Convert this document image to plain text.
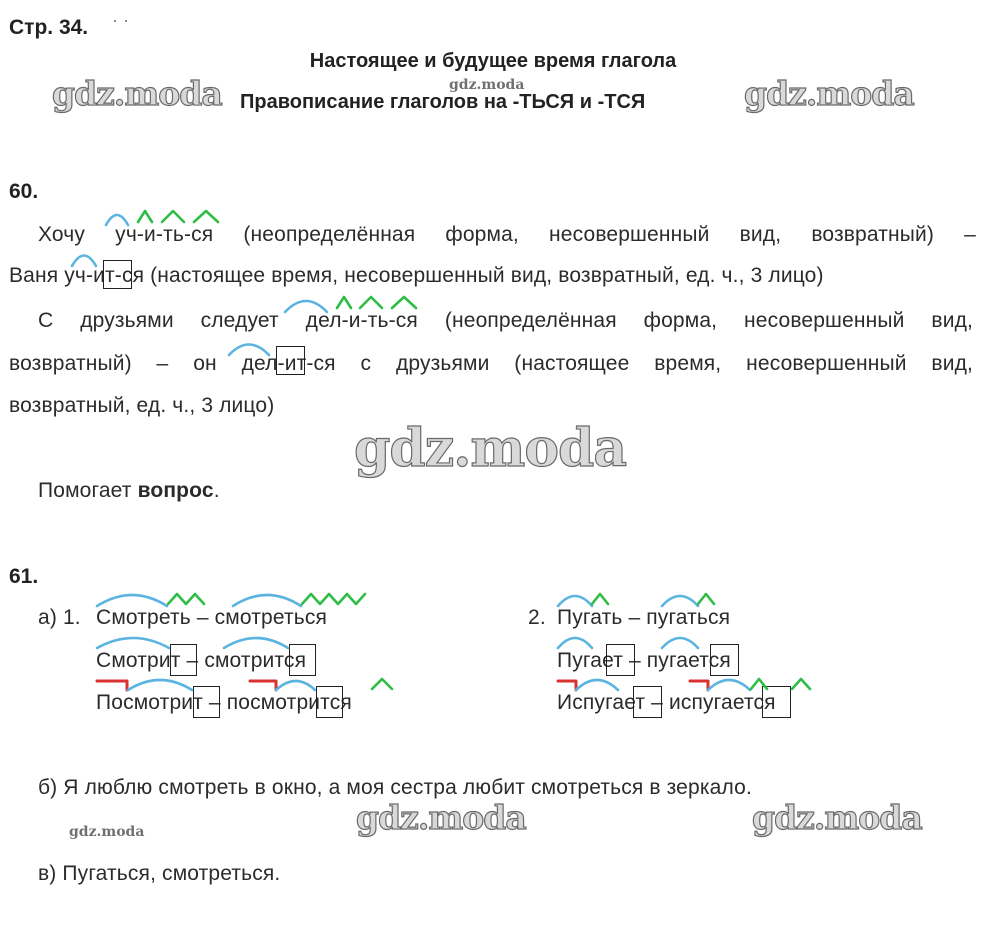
Стр. 34. · ·
Настоящее и будущее время глагола
Правописание глаголов на -ТЬСЯ и -ТСЯ
gdz.moda	gdz.moda
gdz.moda
gdz.moda
gdz.moda	gdz.moda
gdz.moda
60.
Хочу уч-и-ть-ся (неопределённая форма, несовершенный вид, возвратный) –
Ваня уч-ит-ся (настоящее время, несовершенный вид, возвратный, ед. ч., 3 лицо)
С друзьями следует дел-и-ть-ся (неопределённая форма, несовершенный вид,
возвратный) – он дел-ит-ся с друзьями (настоящее время, несовершенный вид,
возвратный, ед. ч., 3 лицо)
Помогает вопрос.
61.
а) 1. Смотреть – смотреться
Смотрит – смотрится
Посмотрит – посмотрится
2. Пугать – пугаться
Пугает – пугается
Испугает – испугается
б) Я люблю смотреть в окно, а моя сестра любит смотреться в зеркало.
в) Пугаться, смотреться.
